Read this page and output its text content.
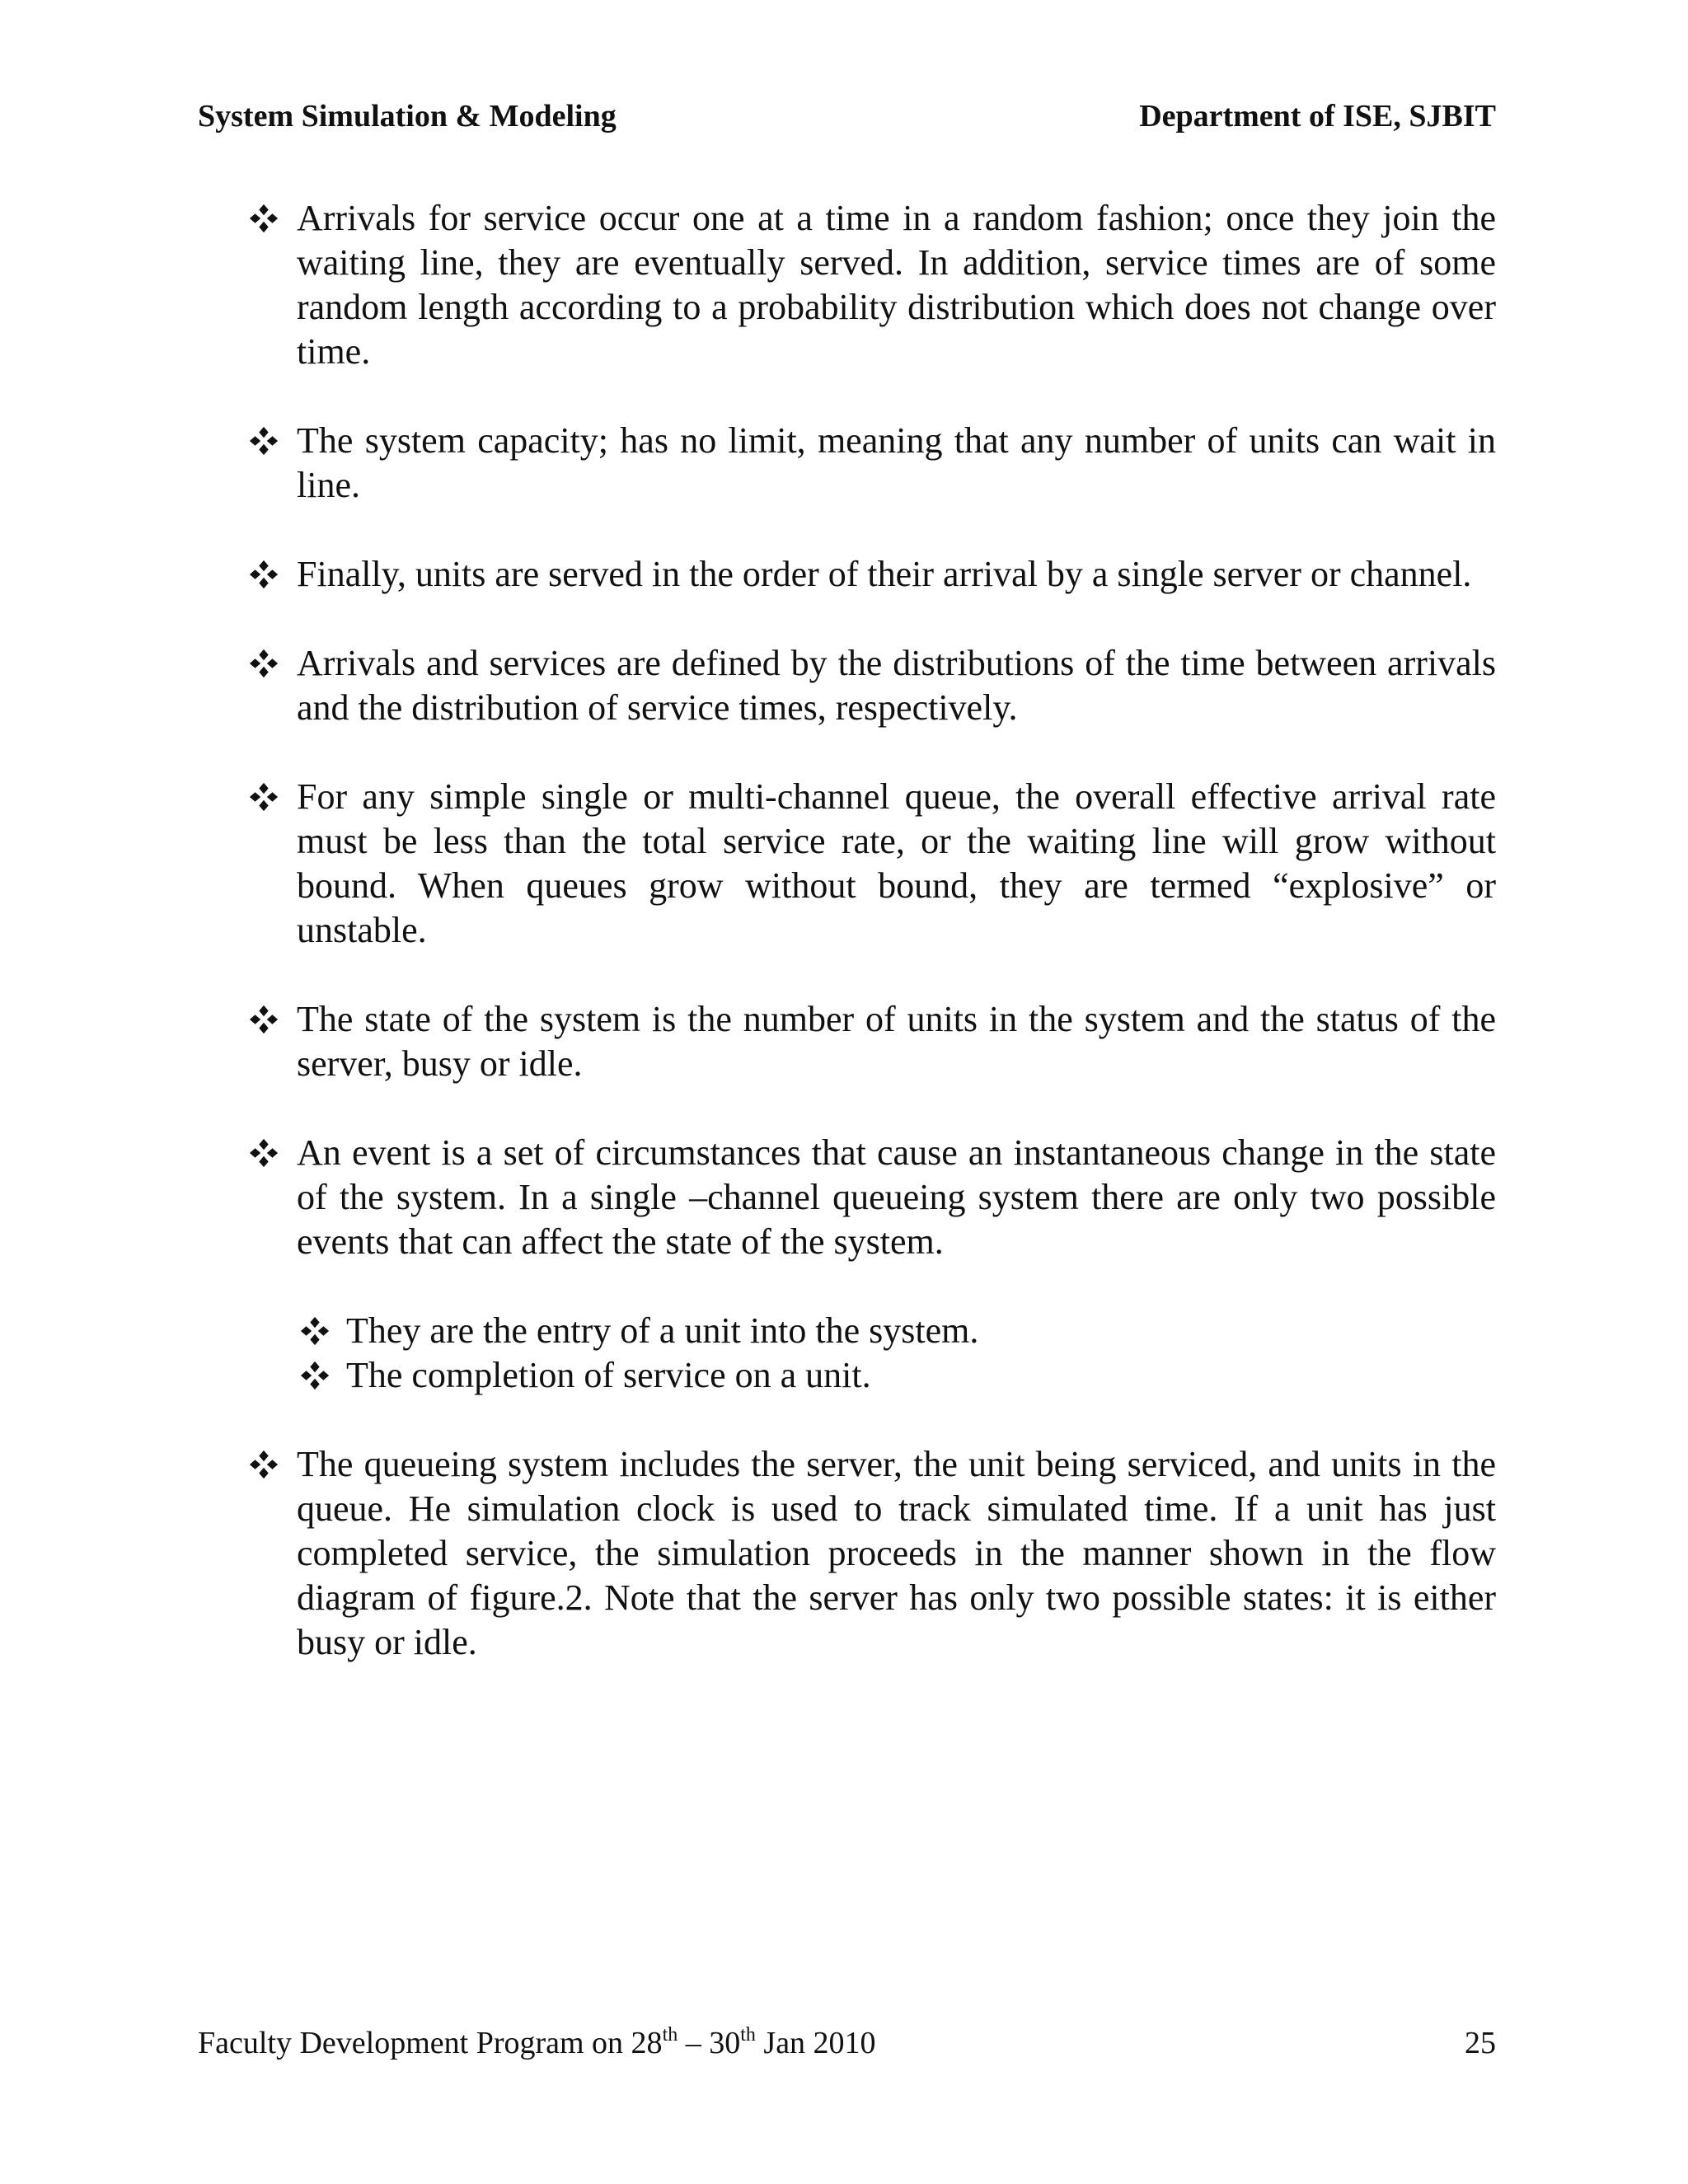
System Simulation & Modeling	Department of ISE, SJBIT
Arrivals for service occur one at a time in a random fashion; once they join the waiting line, they are eventually served. In addition, service times are of some random length according to a probability distribution which does not change over time.
The system capacity; has no limit, meaning that any number of units can wait in line.
Finally, units are served in the order of their arrival by a single server or channel.
Arrivals and services are defined by the distributions of the time between arrivals and the distribution of service times, respectively.
For any simple single or multi-channel queue, the overall effective arrival rate must be less than the total service rate, or the waiting line will grow without bound. When queues grow without bound, they are termed “explosive” or unstable.
The state of the system is the number of units in the system and the status of the server, busy or idle.
An event is a set of circumstances that cause an instantaneous change in the state of the system. In a single –channel queueing system there are only two possible events that can affect the state of the system.
They are the entry of a unit into the system.
The completion of service on a unit.
The queueing system includes the server, the unit being serviced, and units in the queue. He simulation clock is used to track simulated time. If a unit has just completed service, the simulation proceeds in the manner shown in the flow diagram of figure.2. Note that the server has only two possible states: it is either busy or idle.
Faculty Development Program on 28th – 30th Jan 2010	25
